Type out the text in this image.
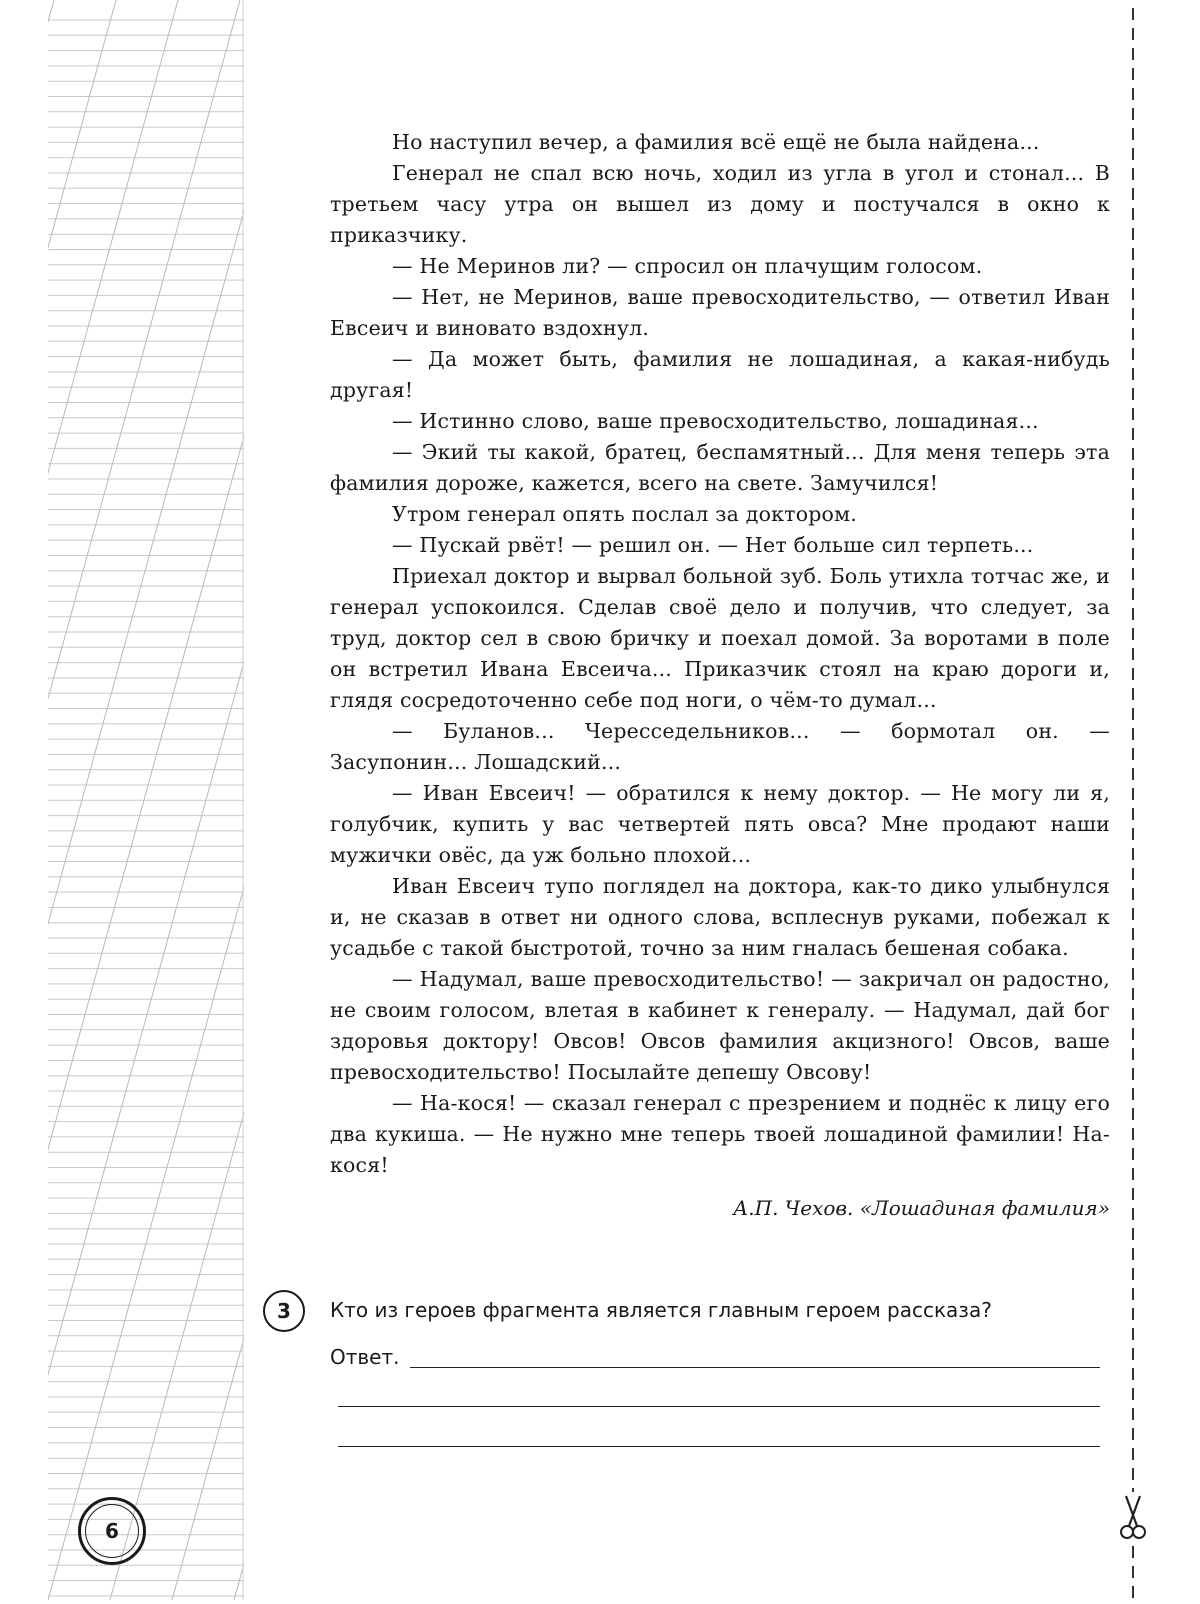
Но наступил вечер, а фамилия всё ещё не была найдена...

Генерал не спал всю ночь, ходил из угла в угол и стонал... В третьем часу утра он вышел из дому и постучался в окно к приказчику.

— Не Меринов ли? — спросил он плачущим голосом.

— Нет, не Меринов, ваше превосходительство, — ответил Иван Евсеич и виновато вздохнул.

— Да может быть, фамилия не лошадиная, а какая-нибудь другая!

— Истинно слово, ваше превосходительство, лошадиная...

— Экий ты какой, братец, беспамятный... Для меня теперь эта фамилия дороже, кажется, всего на свете. Замучился!

Утром генерал опять послал за доктором.

— Пускай рвёт! — решил он. — Нет больше сил терпеть...

Приехал доктор и вырвал больной зуб. Боль утихла тотчас же, и генерал успокоился. Сделав своё дело и получив, что следует, за труд, доктор сел в свою бричку и поехал домой. За воротами в поле он встретил Ивана Евсеича... Приказчик стоял на краю дороги и, глядя сосредоточенно себе под ноги, о чём-то думал...

— Буланов... Чересседельников... — бормотал он. — Засупонин... Лошадский...

— Иван Евсеич! — обратился к нему доктор. — Не могу ли я, голубчик, купить у вас четвертей пять овса? Мне продают наши мужички овёс, да уж больно плохой...

Иван Евсеич тупо поглядел на доктора, как-то дико улыбнулся и, не сказав в ответ ни одного слова, всплеснув руками, побежал к усадьбе с такой быстротой, точно за ним гналась бешеная собака.

— Надумал, ваше превосходительство! — закричал он радостно, не своим голосом, влетая в кабинет к генералу. — Надумал, дай бог здоровья доктору! Овсов! Овсов фамилия акцизного! Овсов, ваше превосходительство! Посылайте депешу Овсову!

— На-кося! — сказал генерал с презрением и поднёс к лицу его два кукиша. — Не нужно мне теперь твоей лошадиной фамилии! На-кося!

А.П. Чехов. «Лошадиная фамилия»

3	Кто из героев фрагмента является главным героем рассказа?
Ответ.
6
